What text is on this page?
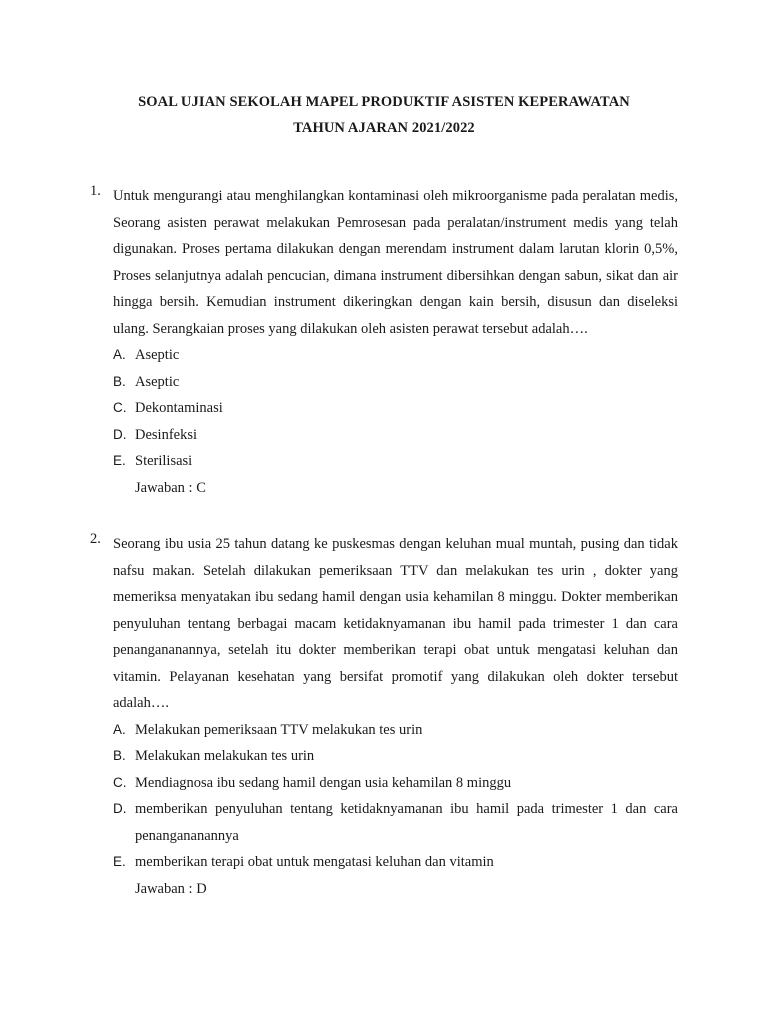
SOAL UJIAN SEKOLAH MAPEL PRODUKTIF ASISTEN KEPERAWATAN
TAHUN AJARAN 2021/2022
1. Untuk mengurangi atau menghilangkan kontaminasi oleh mikroorganisme pada peralatan medis, Seorang asisten perawat melakukan Pemrosesan pada peralatan/instrument medis yang telah digunakan. Proses pertama dilakukan dengan merendam instrument dalam larutan klorin 0,5%, Proses selanjutnya adalah pencucian, dimana instrument dibersihkan dengan sabun, sikat dan air hingga bersih. Kemudian instrument dikeringkan dengan kain bersih, disusun dan diseleksi ulang. Serangkaian proses yang dilakukan oleh asisten perawat tersebut adalah….
A. Aseptic
B. Aseptic
C. Dekontaminasi
D. Desinfeksi
E. Sterilisasi
Jawaban : C
2. Seorang ibu usia 25 tahun datang ke puskesmas dengan keluhan mual muntah, pusing dan tidak nafsu makan. Setelah dilakukan pemeriksaan TTV dan melakukan tes urin , dokter yang memeriksa menyatakan ibu sedang hamil dengan usia kehamilan 8 minggu. Dokter memberikan penyuluhan tentang berbagai macam ketidaknyamanan ibu hamil pada trimester 1 dan cara penangananannya, setelah itu dokter memberikan terapi obat untuk mengatasi keluhan dan vitamin. Pelayanan kesehatan yang bersifat promotif yang dilakukan oleh dokter tersebut adalah….
A. Melakukan pemeriksaan TTV melakukan tes urin
B. Melakukan melakukan tes urin
C. Mendiagnosa ibu sedang hamil dengan usia kehamilan 8 minggu
D. memberikan penyuluhan tentang ketidaknyamanan ibu hamil pada trimester 1 dan cara penangananannya
E. memberikan terapi obat untuk mengatasi keluhan dan vitamin
Jawaban : D
